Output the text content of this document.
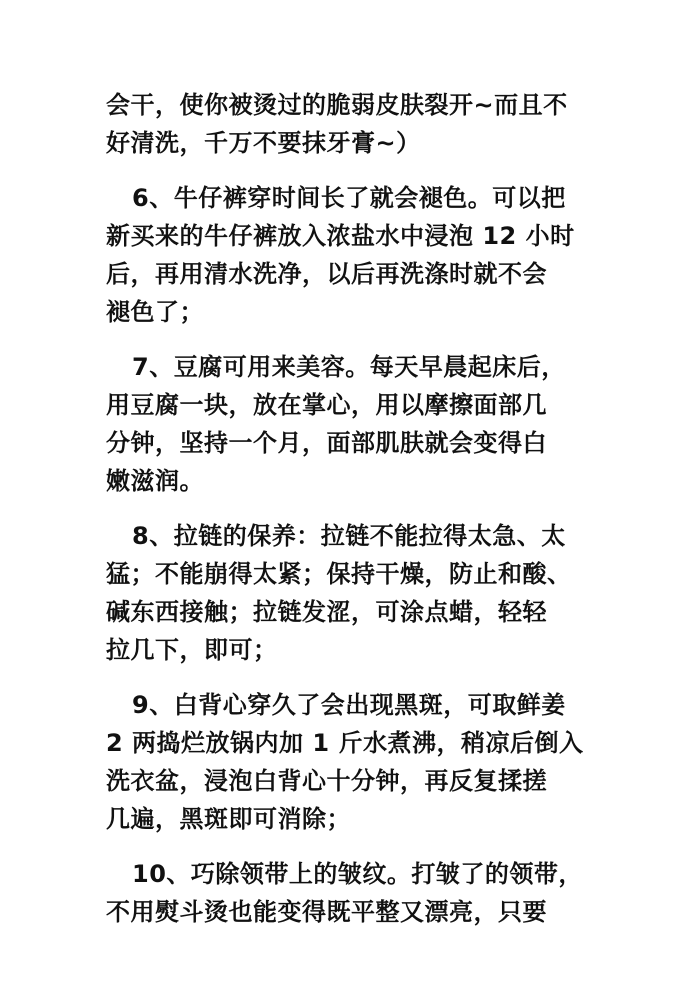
会干，使你被烫过的脆弱皮肤裂开~而且不
好清洗，千万不要抹牙膏~）
6、牛仔裤穿时间长了就会褪色。可以把
新买来的牛仔裤放入浓盐水中浸泡 12 小时
后，再用清水洗净，以后再洗涤时就不会
褪色了；
7、豆腐可用来美容。每天早晨起床后，
用豆腐一块，放在掌心，用以摩擦面部几
分钟，坚持一个月，面部肌肤就会变得白
嫩滋润。
8、拉链的保养：拉链不能拉得太急、太
猛；不能崩得太紧；保持干燥，防止和酸、
碱东西接触；拉链发涩，可涂点蜡，轻轻
拉几下，即可；
9、白背心穿久了会出现黑斑，可取鲜姜
2 两捣烂放锅内加 1 斤水煮沸，稍凉后倒入
洗衣盆，浸泡白背心十分钟，再反复揉搓
几遍，黑斑即可消除；
10、巧除领带上的皱纹。打皱了的领带，
不用熨斗烫也能变得既平整又漂亮，只要
